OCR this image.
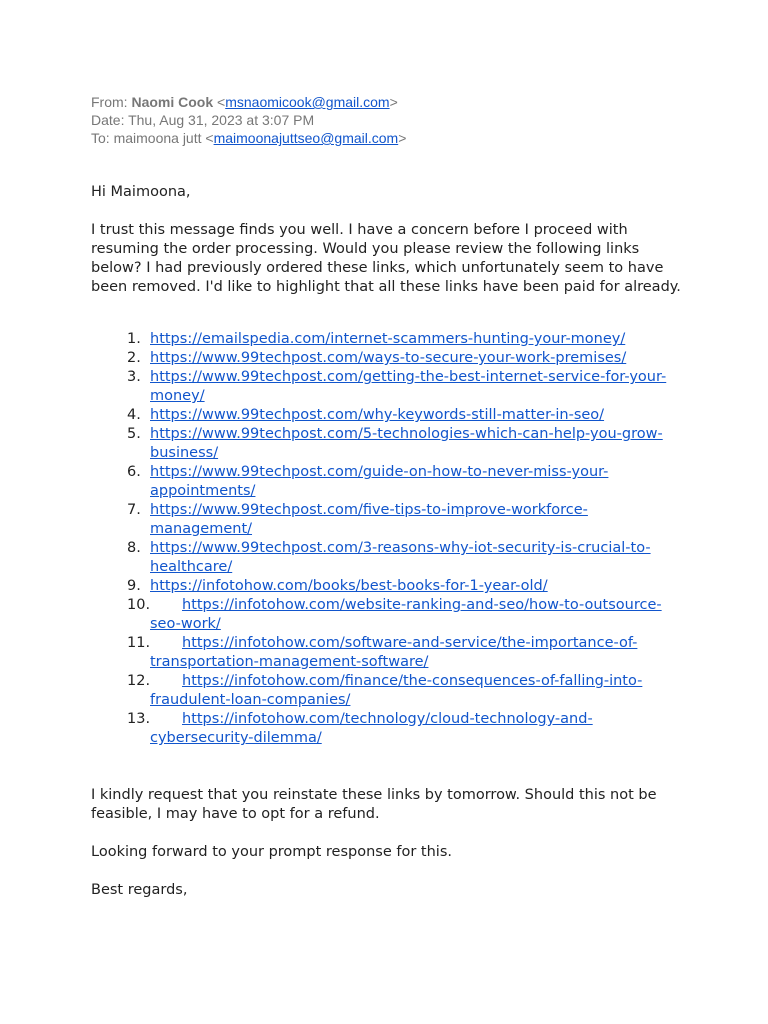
From: Naomi Cook <msnaomicook@gmail.com>
Date: Thu, Aug 31, 2023 at 3:07 PM
To: maimoona jutt <maimoonajuttseo@gmail.com>

Hi Maimoona,

I trust this message finds you well. I have a concern before I proceed with resuming the order processing. Would you please review the following links below? I had previously ordered these links, which unfortunately seem to have been removed. I'd like to highlight that all these links have been paid for already.

1. https://emailspedia.com/internet-scammers-hunting-your-money/
2. https://www.99techpost.com/ways-to-secure-your-work-premises/
3. https://www.99techpost.com/getting-the-best-internet-service-for-your-money/
4. https://www.99techpost.com/why-keywords-still-matter-in-seo/
5. https://www.99techpost.com/5-technologies-which-can-help-you-grow-business/
6. https://www.99techpost.com/guide-on-how-to-never-miss-your-appointments/
7. https://www.99techpost.com/five-tips-to-improve-workforce-management/
8. https://www.99techpost.com/3-reasons-why-iot-security-is-crucial-to-healthcare/
9. https://infotohow.com/books/best-books-for-1-year-old/
10. https://infotohow.com/website-ranking-and-seo/how-to-outsource-seo-work/
11. https://infotohow.com/software-and-service/the-importance-of-transportation-management-software/
12. https://infotohow.com/finance/the-consequences-of-falling-into-fraudulent-loan-companies/
13. https://infotohow.com/technology/cloud-technology-and-cybersecurity-dilemma/

I kindly request that you reinstate these links by tomorrow. Should this not be feasible, I may have to opt for a refund.

Looking forward to your prompt response for this.

Best regards,
